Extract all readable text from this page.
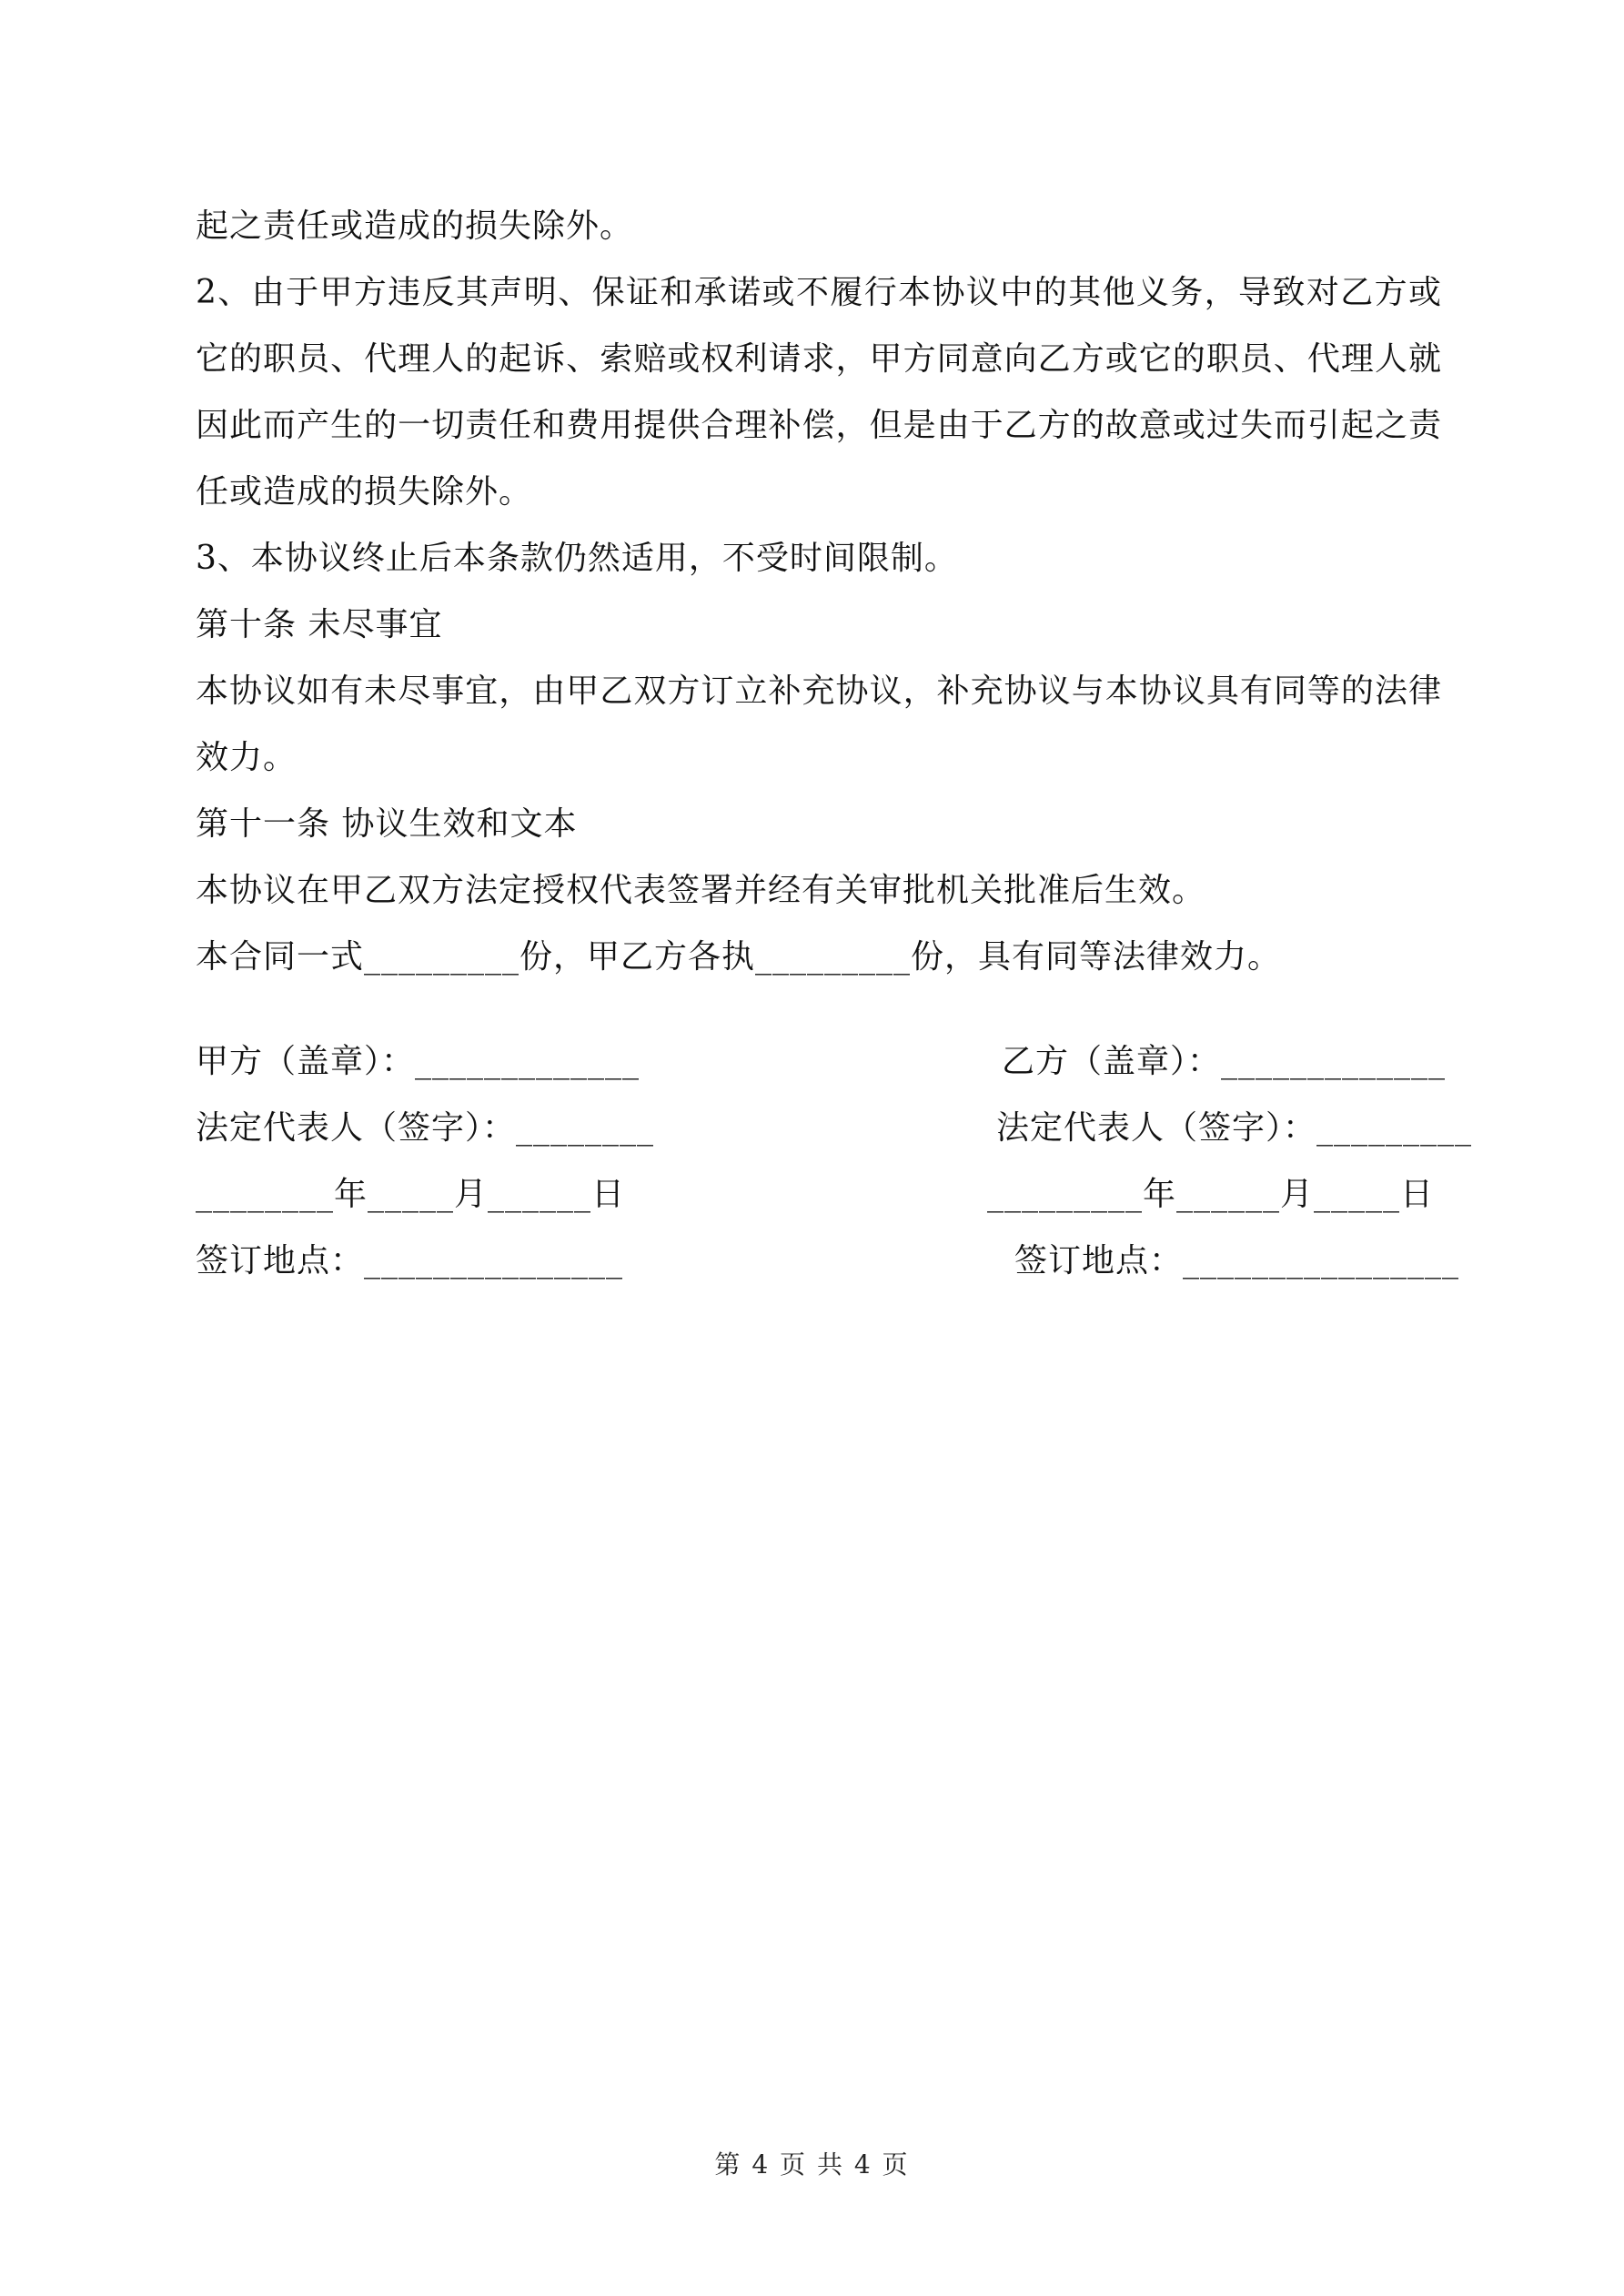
起之责任或造成的损失除外。
2、由于甲方违反其声明、保证和承诺或不履行本协议中的其他义务，导致对乙方或它的职员、代理人的起诉、索赔或权利请求，甲方同意向乙方或它的职员、代理人就因此而产生的一切责任和费用提供合理补偿，但是由于乙方的故意或过失而引起之责任或造成的损失除外。
3、本协议终止后本条款仍然适用，不受时间限制。
第十条 未尽事宜
本协议如有未尽事宜，由甲乙双方订立补充协议，补充协议与本协议具有同等的法律效力。
第十一条 协议生效和文本
本协议在甲乙双方法定授权代表签署并经有关审批机关批准后生效。
本合同一式_________份，甲乙方各执_________份，具有同等法律效力。
甲方（盖章）：_____________
法定代表人（签字）：________
________年_____月______日
签订地点：_______________
乙方（盖章）：_____________
法定代表人（签字）：_________
_________年______月_____日
签订地点：________________
第 4 页 共 4 页
